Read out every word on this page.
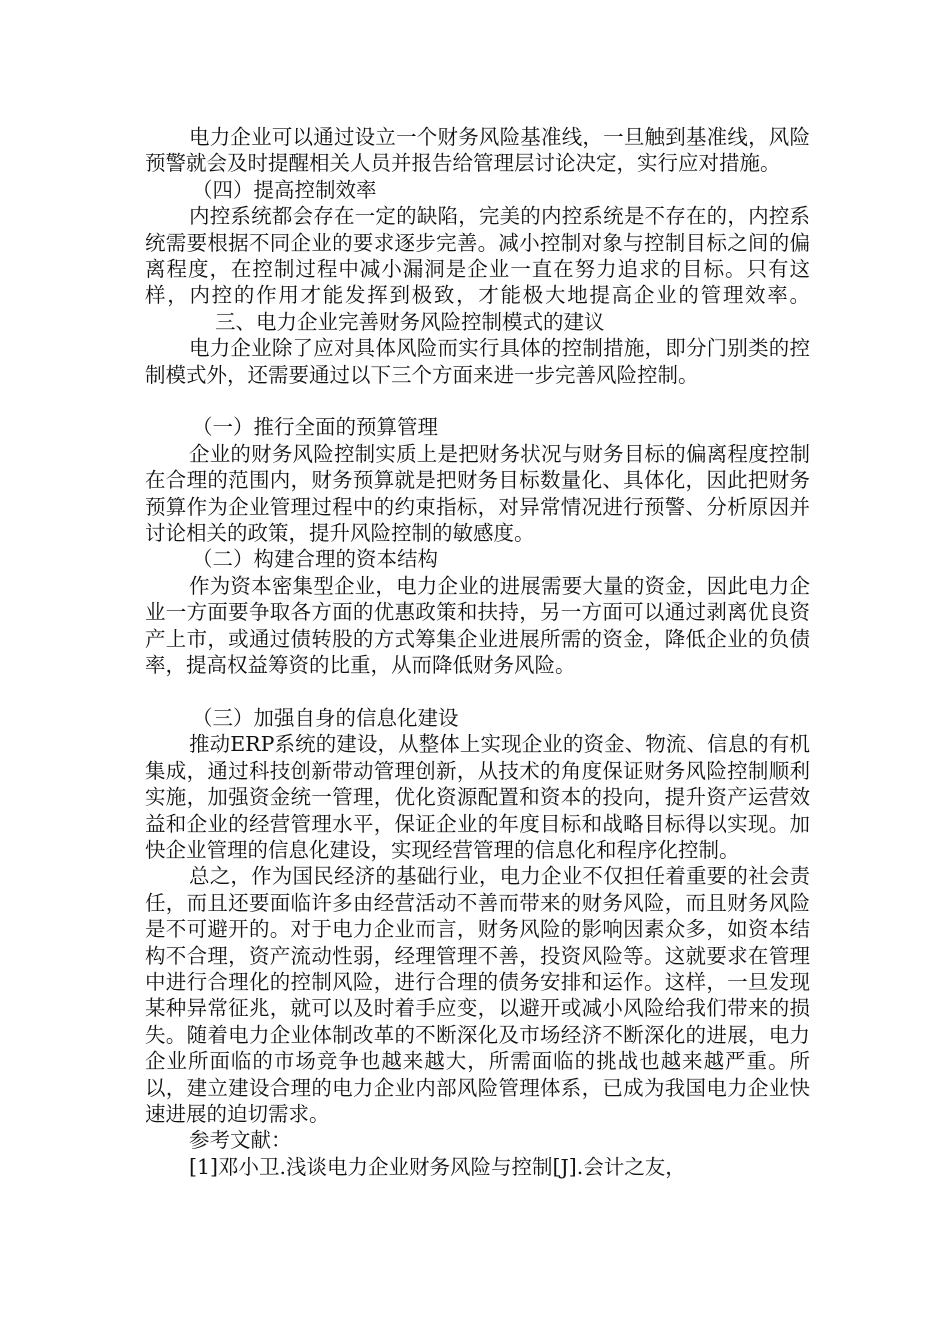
电力企业可以通过设立一个财务风险基准线，一旦触到基准线，风险预警就会及时提醒相关人员并报告给管理层讨论决定，实行应对措施。

（四）提高控制效率

内控系统都会存在一定的缺陷，完美的内控系统是不存在的，内控系统需要根据不同企业的要求逐步完善。减小控制对象与控制目标之间的偏离程度，在控制过程中减小漏洞是企业一直在努力追求的目标。只有这样，内控的作用才能发挥到极致，才能极大地提高企业的管理效率。三、电力企业完善财务风险控制模式的建议

电力企业除了应对具体风险而实行具体的控制措施，即分门别类的控制模式外，还需要通过以下三个方面来进一步完善风险控制。

（一）推行全面的预算管理

企业的财务风险控制实质上是把财务状况与财务目标的偏离程度控制在合理的范围内，财务预算就是把财务目标数量化、具体化，因此把财务预算作为企业管理过程中的约束指标，对异常情况进行预警、分析原因并讨论相关的政策，提升风险控制的敏感度。

（二）构建合理的资本结构

作为资本密集型企业，电力企业的进展需要大量的资金，因此电力企业一方面要争取各方面的优惠政策和扶持，另一方面可以通过剥离优良资产上市，或通过债转股的方式筹集企业进展所需的资金，降低企业的负债率，提高权益筹资的比重，从而降低财务风险。

（三）加强自身的信息化建设

推动ERP系统的建设，从整体上实现企业的资金、物流、信息的有机集成，通过科技创新带动管理创新，从技术的角度保证财务风险控制顺利实施，加强资金统一管理，优化资源配置和资本的投向，提升资产运营效益和企业的经营管理水平，保证企业的年度目标和战略目标得以实现。加快企业管理的信息化建设，实现经营管理的信息化和程序化控制。

总之，作为国民经济的基础行业，电力企业不仅担任着重要的社会责任，而且还要面临许多由经营活动不善而带来的财务风险，而且财务风险是不可避开的。对于电力企业而言，财务风险的影响因素众多，如资本结构不合理，资产流动性弱，经理管理不善，投资风险等。这就要求在管理中进行合理化的控制风险，进行合理的债务安排和运作。这样，一旦发现某种异常征兆，就可以及时着手应变，以避开或减小风险给我们带来的损失。随着电力企业体制改革的不断深化及市场经济不断深化的进展，电力企业所面临的市场竞争也越来越大，所需面临的挑战也越来越严重。所以，建立建设合理的电力企业内部风险管理体系，已成为我国电力企业快速进展的迫切需求。

参考文献：

[1]邓小卫.浅谈电力企业财务风险与控制[J].会计之友，
